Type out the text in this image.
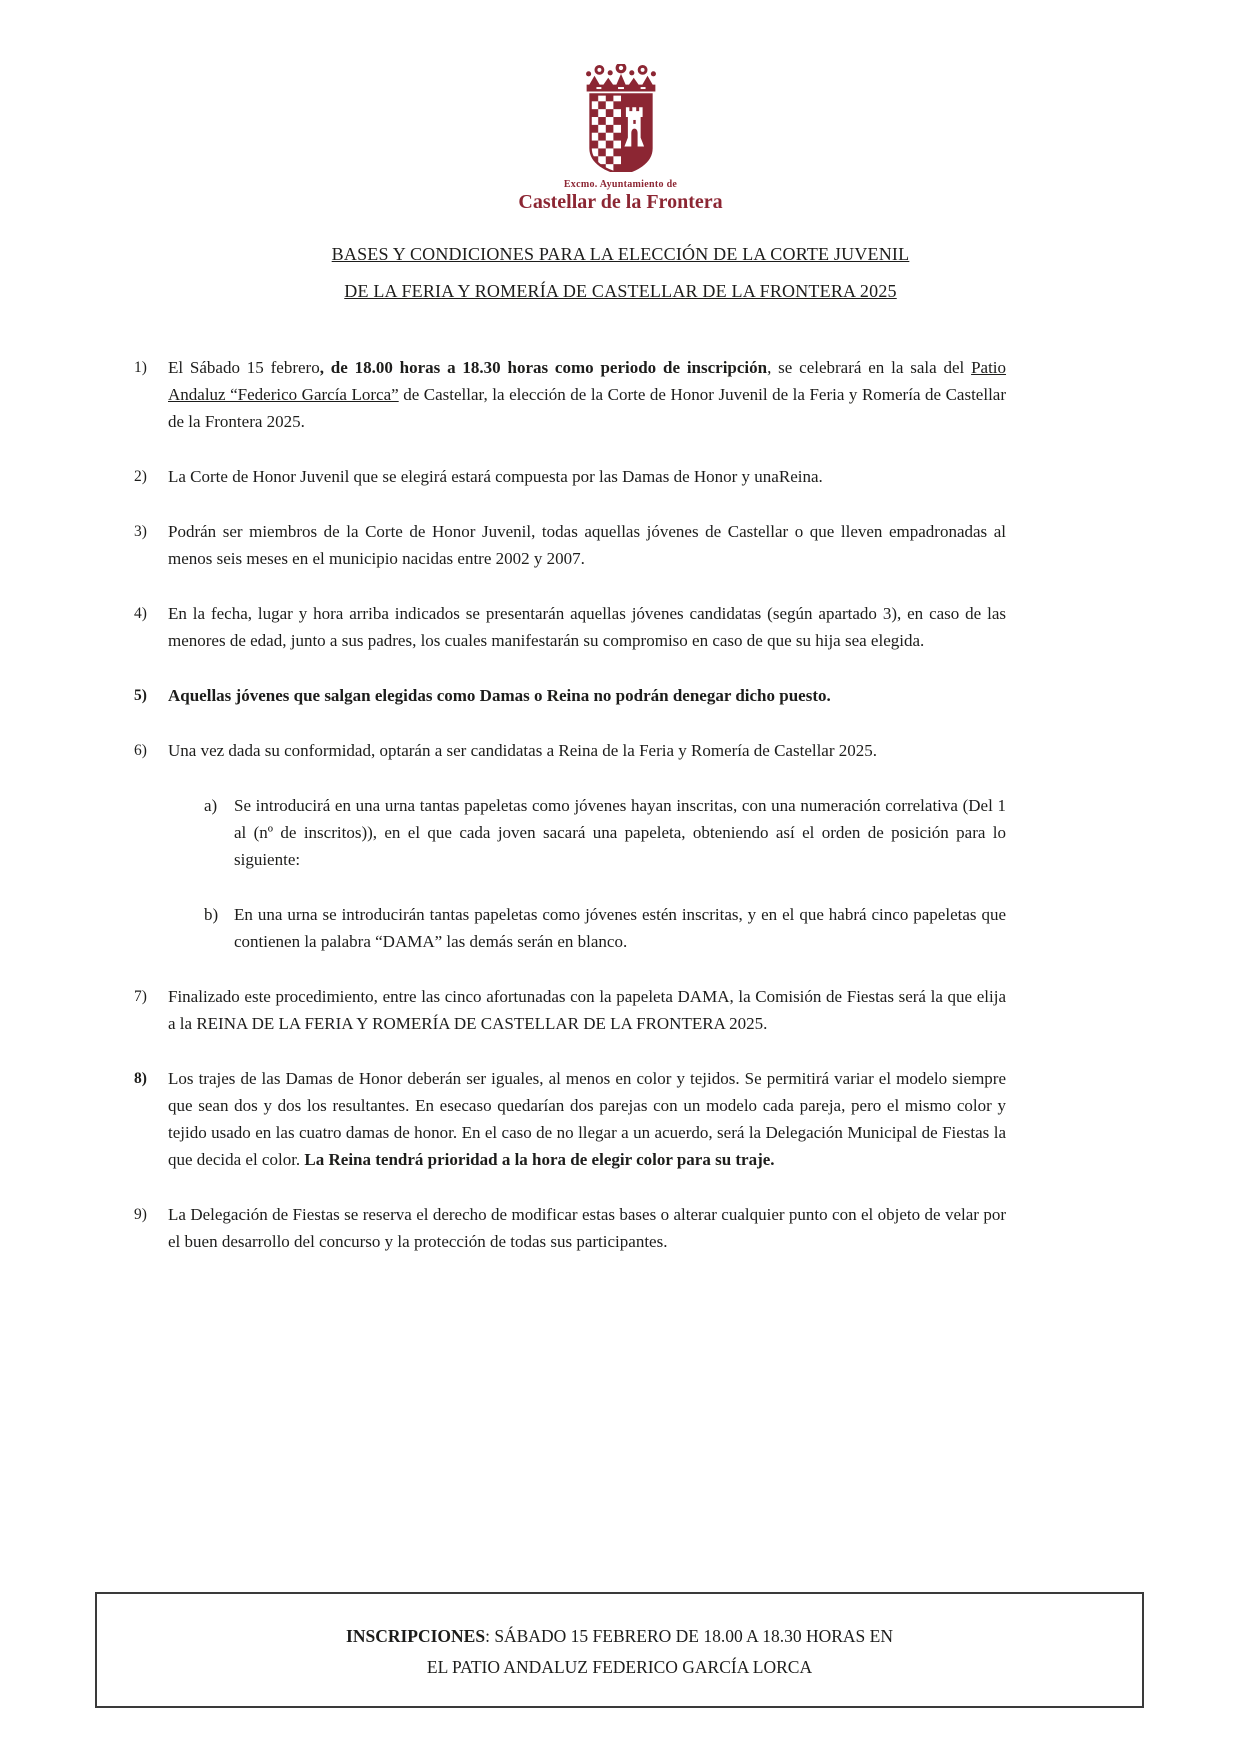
Excmo. Ayuntamiento de
Castellar de la Frontera
BASES Y CONDICIONES PARA LA ELECCIÓN DE LA CORTE JUVENIL
DE LA FERIA Y ROMERÍA DE CASTELLAR DE LA FRONTERA 2025
1)	El Sábado 15 febrero, de 18.00 horas a 18.30 horas como periodo de inscripción, se celebrará en la sala del Patio Andaluz “Federico García Lorca” de Castellar, la elección de la Corte de Honor Juvenil de la Feria y Romería de Castellar de la Frontera 2025.
2)	La Corte de Honor Juvenil que se elegirá estará compuesta por las Damas de Honor y unaReina.
3)	Podrán ser miembros de la Corte de Honor Juvenil, todas aquellas jóvenes de Castellar o que lleven empadronadas al menos seis meses en el municipio nacidas entre 2002 y 2007.
4)	En la fecha, lugar y hora arriba indicados se presentarán aquellas jóvenes candidatas (según apartado 3), en caso de las menores de edad, junto a sus padres, los cuales manifestarán su compromiso en caso de que su hija sea elegida.
5)	Aquellas jóvenes que salgan elegidas como Damas o Reina no podrán denegar dicho puesto.
6)	Una vez dada su conformidad, optarán a ser candidatas a Reina de la Feria y Romería de Castellar 2025.
a) Se introducirá en una urna tantas papeletas como jóvenes hayan inscritas, con una numeración correlativa (Del 1 al (nº de inscritos)), en el que cada joven sacará una papeleta, obteniendo así el orden de posición para lo siguiente:
b) En una urna se introducirán tantas papeletas como jóvenes estén inscritas, y en el que habrá cinco papeletas que contienen la palabra “DAMA” las demás serán en blanco.
7)	Finalizado este procedimiento, entre las cinco afortunadas con la papeleta DAMA, la Comisión de Fiestas será la que elija a la REINA DE LA FERIA Y ROMERÍA DE CASTELLAR DE LA FRONTERA 2025.
8)	Los trajes de las Damas de Honor deberán ser iguales, al menos en color y tejidos. Se permitirá variar el modelo siempre que sean dos y dos los resultantes. En esecaso quedarían dos parejas con un modelo cada pareja, pero el mismo color y tejido usado en las cuatro damas de honor. En el caso de no llegar a un acuerdo, será la Delegación Municipal de Fiestas la que decida el color. La Reina tendrá prioridad a la hora de elegir color para su traje.
9)	La Delegación de Fiestas se reserva el derecho de modificar estas bases o alterar cualquier punto con el objeto de velar por el buen desarrollo del concurso y la protección de todas sus participantes.
INSCRIPCIONES: SÁBADO 15 FEBRERO DE 18.00 A 18.30 HORAS EN
EL PATIO ANDALUZ FEDERICO GARCÍA LORCA
